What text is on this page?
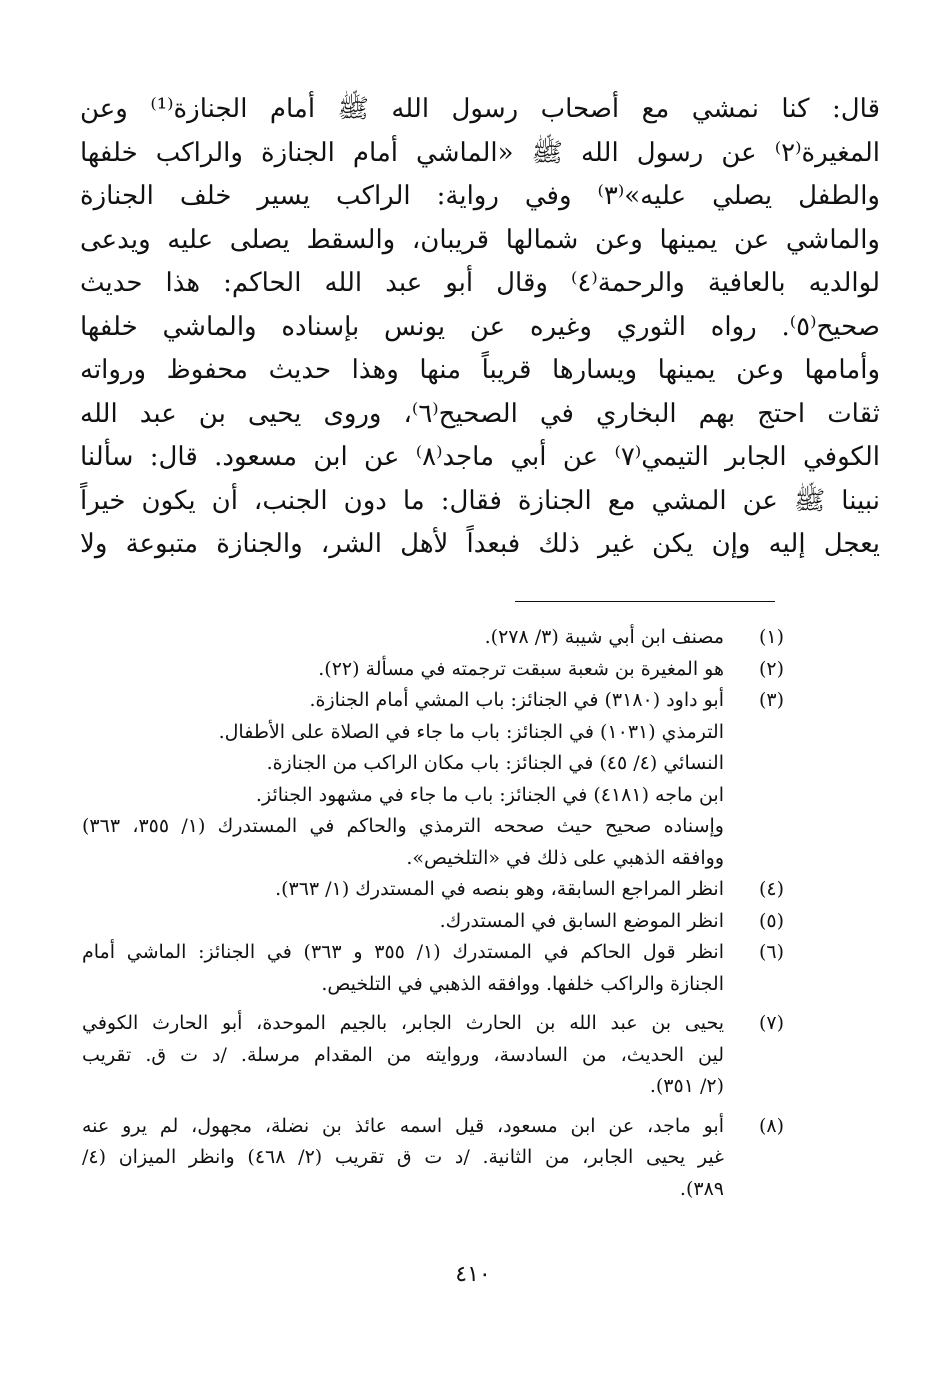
قال: كنا نمشي مع أصحاب رسول الله ﷺ أمام الجنازة⁽¹⁾ وعن
المغيرة⁽٢⁾ عن رسول الله ﷺ «الماشي أمام الجنازة والراكب خلفها
والطفل يصلي عليه»⁽٣⁾ وفي رواية: الراكب يسير خلف الجنازة
والماشي عن يمينها وعن شمالها قريبان، والسقط يصلى عليه ويدعى
لوالديه بالعافية والرحمة⁽٤⁾ وقال أبو عبد الله الحاكم: هذا حديث
صحيح⁽٥⁾. رواه الثوري وغيره عن يونس بإسناده والماشي خلفها
وأمامها وعن يمينها ويسارها قريباً منها وهذا حديث محفوظ ورواته
ثقات احتج بهم البخاري في الصحيح⁽٦⁾، وروى يحيى بن عبد الله
الكوفي الجابر التيمي⁽٧⁾ عن أبي ماجد⁽٨⁾ عن ابن مسعود. قال: سألنا
نبينا ﷺ عن المشي مع الجنازة فقال: ما دون الجنب، أن يكون خيراً
يعجل إليه وإن يكن غير ذلك فبعداً لأهل الشر، والجنازة متبوعة ولا
(١)
مصنف ابن أبي شيبة (٣/ ٢٧٨).
(٢)
هو المغيرة بن شعبة سبقت ترجمته في مسألة (٢٢).
(٣)
أبو داود (٣١٨٠) في الجنائز: باب المشي أمام الجنازة.
الترمذي (١٠٣١) في الجنائز: باب ما جاء في الصلاة على الأطفال.
النسائي (٤/ ٤٥) في الجنائز: باب مكان الراكب من الجنازة.
ابن ماجه (٤١٨١) في الجنائز: باب ما جاء في مشهود الجنائز.
وإسناده صحيح حيث صححه الترمذي والحاكم في المستدرك (١/ ٣٥٥، ٣٦٣)
ووافقه الذهبي على ذلك في «التلخيص».
(٤)
انظر المراجع السابقة، وهو بنصه في المستدرك (١/ ٣٦٣).
(٥)
انظر الموضع السابق في المستدرك.
(٦)
انظر قول الحاكم في المستدرك (١/ ٣٥٥ و ٣٦٣) في الجنائز: الماشي أمام
الجنازة والراكب خلفها. ووافقه الذهبي في التلخيص.
(٧)
يحيى بن عبد الله بن الحارث الجابر، بالجيم الموحدة، أبو الحارث الكوفي
لين الحديث، من السادسة، وروايته من المقدام مرسلة. /د ت ق. تقريب
(٢/ ٣٥١).
(٨)
أبو ماجد، عن ابن مسعود، قيل اسمه عائذ بن نضلة، مجهول، لم يرو عنه
غير يحيى الجابر، من الثانية. /د ت ق تقريب (٢/ ٤٦٨) وانظر الميزان (٤/
٣٨٩).
٤١٠
